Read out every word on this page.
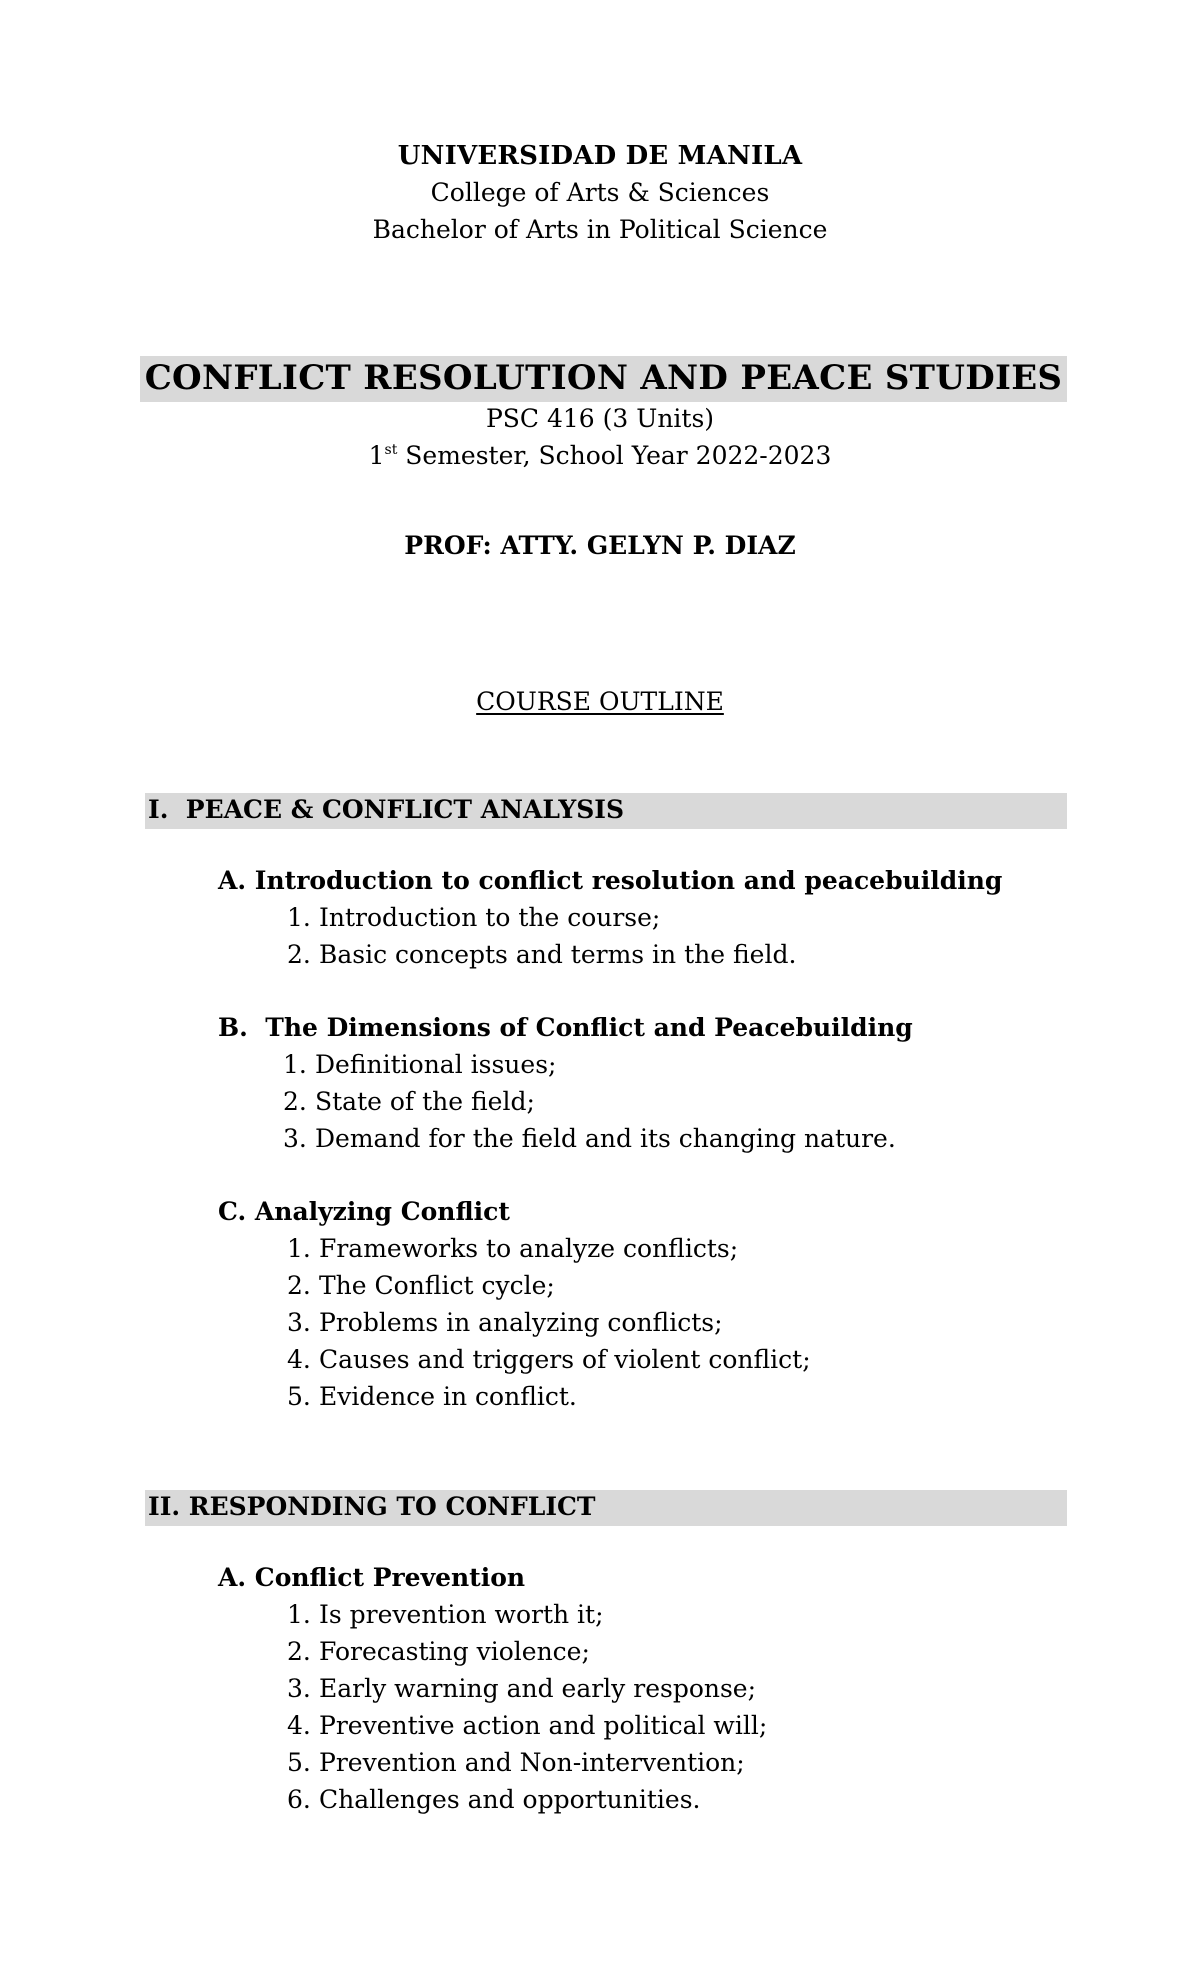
UNIVERSIDAD DE MANILA
College of Arts & Sciences
Bachelor of Arts in Political Science
CONFLICT RESOLUTION AND PEACE STUDIES
PSC 416 (3 Units)
1st Semester, School Year 2022-2023
PROF: ATTY. GELYN P. DIAZ
COURSE OUTLINE
I.  PEACE & CONFLICT ANALYSIS
A. Introduction to conflict resolution and peacebuilding
1. Introduction to the course;
2. Basic concepts and terms in the field.
B.  The Dimensions of Conflict and Peacebuilding
1. Definitional issues;
2. State of the field;
3. Demand for the field and its changing nature.
C. Analyzing Conflict
1. Frameworks to analyze conflicts;
2. The Conflict cycle;
3. Problems in analyzing conflicts;
4. Causes and triggers of violent conflict;
5. Evidence in conflict.
II. RESPONDING TO CONFLICT
A. Conflict Prevention
1. Is prevention worth it;
2. Forecasting violence;
3. Early warning and early response;
4. Preventive action and political will;
5. Prevention and Non-intervention;
6. Challenges and opportunities.
